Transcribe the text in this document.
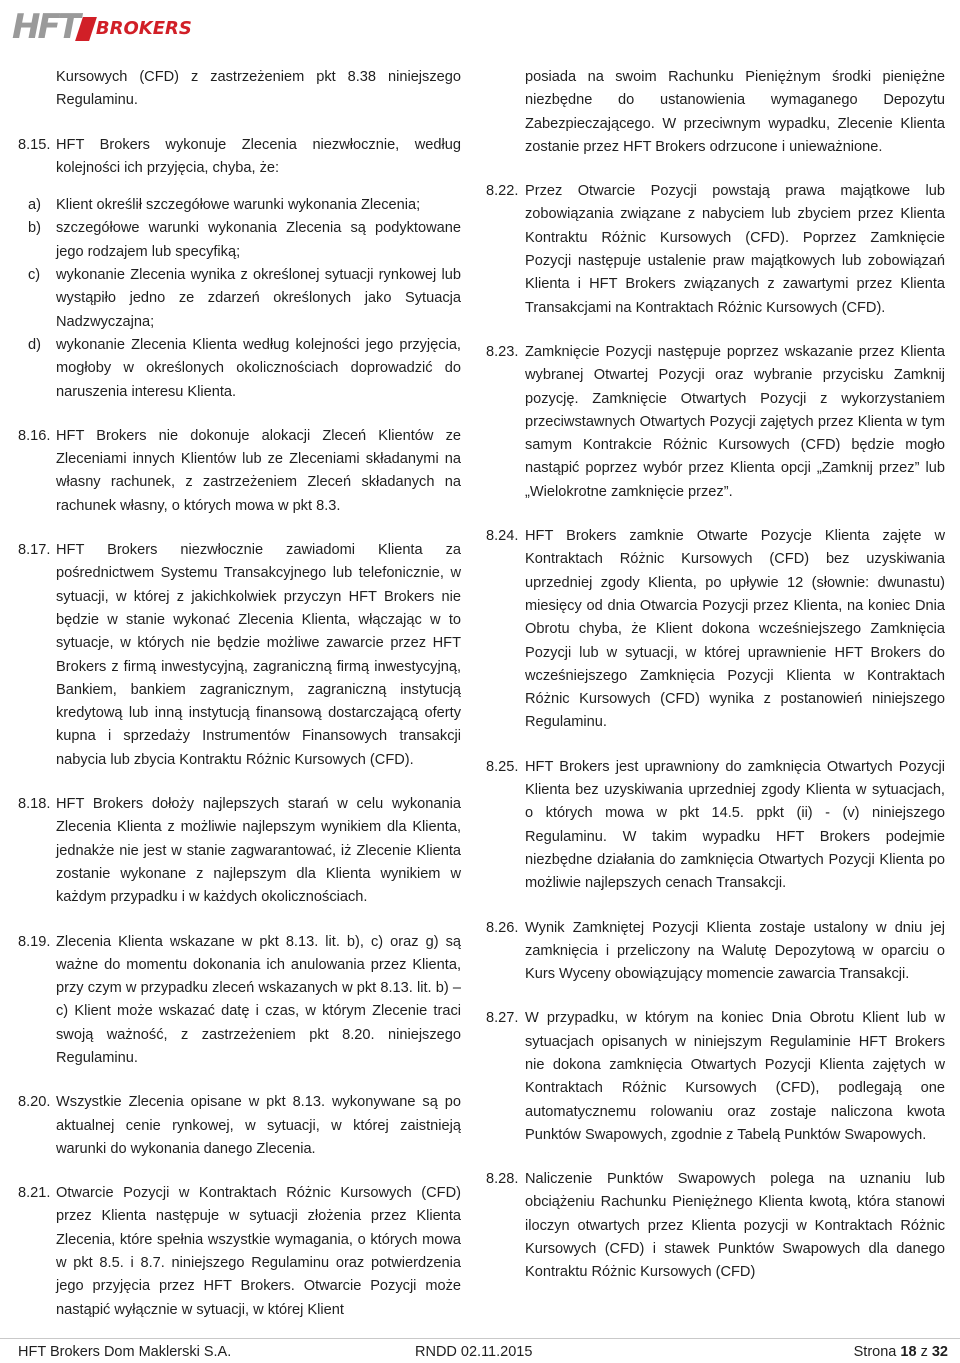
HFT BROKERS
Kursowych (CFD) z zastrzeżeniem pkt 8.38 niniejszego Regulaminu.
8.15. HFT Brokers wykonuje Zlecenia niezwłocznie, według kolejności ich przyjęcia, chyba, że:
a)	Klient określił szczegółowe warunki wykonania Zlecenia;
b)	szczegółowe warunki wykonania Zlecenia są podyktowane jego rodzajem lub specyfiką;
c)	wykonanie Zlecenia wynika z określonej sytuacji rynkowej lub wystąpiło jedno ze zdarzeń określonych jako Sytuacja Nadzwyczajna;
d)	wykonanie Zlecenia Klienta według kolejności jego przyjęcia, mogłoby w określonych okolicznościach doprowadzić do naruszenia interesu Klienta.
8.16. HFT Brokers nie dokonuje alokacji Zleceń Klientów ze Zleceniami innych Klientów lub ze Zleceniami składanymi na własny rachunek, z zastrzeżeniem Zleceń składanych na rachunek własny, o których mowa w pkt 8.3.
8.17. HFT Brokers niezwłocznie zawiadomi Klienta za pośrednictwem Systemu Transakcyjnego lub telefonicznie, w sytuacji, w której z jakichkolwiek przyczyn HFT Brokers nie będzie w stanie wykonać Zlecenia Klienta, włączając w to sytuacje, w których nie będzie możliwe zawarcie przez HFT Brokers z firmą inwestycyjną, zagraniczną firmą inwestycyjną, Bankiem, bankiem zagranicznym, zagraniczną instytucją kredytową lub inną instytucją finansową dostarczającą oferty kupna i sprzedaży Instrumentów Finansowych transakcji nabycia lub zbycia Kontraktu Różnic Kursowych (CFD).
8.18. HFT Brokers dołoży najlepszych starań w celu wykonania Zlecenia Klienta z możliwie najlepszym wynikiem dla Klienta, jednakże nie jest w stanie zagwarantować, iż Zlecenie Klienta zostanie wykonane z najlepszym dla Klienta wynikiem w każdym przypadku i w każdych okolicznościach.
8.19. Zlecenia Klienta wskazane w pkt 8.13. lit. b), c) oraz g) są ważne do momentu dokonania ich anulowania przez Klienta, przy czym w przypadku zleceń wskazanych w pkt 8.13. lit. b) – c) Klient może wskazać datę i czas, w którym Zlecenie traci swoją ważność, z zastrzeżeniem pkt 8.20. niniejszego Regulaminu.
8.20. Wszystkie Zlecenia opisane w pkt 8.13. wykonywane są po aktualnej cenie rynkowej, w sytuacji, w której zaistnieją warunki do wykonania danego Zlecenia.
8.21. Otwarcie Pozycji w Kontraktach Różnic Kursowych (CFD) przez Klienta następuje w sytuacji złożenia przez Klienta Zlecenia, które spełnia wszystkie wymagania, o których mowa w pkt 8.5. i 8.7. niniejszego Regulaminu oraz potwierdzenia jego przyjęcia przez HFT Brokers. Otwarcie Pozycji może nastąpić wyłącznie w sytuacji, w której Klient
posiada na swoim Rachunku Pieniężnym środki pieniężne niezbędne do ustanowienia wymaganego Depozytu Zabezpieczającego. W przeciwnym wypadku, Zlecenie Klienta zostanie przez HFT Brokers odrzucone i unieważnione.
8.22. Przez Otwarcie Pozycji powstają prawa majątkowe lub zobowiązania związane z nabyciem lub zbyciem przez Klienta Kontraktu Różnic Kursowych (CFD). Poprzez Zamknięcie Pozycji następuje ustalenie praw majątkowych lub zobowiązań Klienta i HFT Brokers związanych z zawartymi przez Klienta Transakcjami na Kontraktach Różnic Kursowych (CFD).
8.23. Zamknięcie Pozycji następuje poprzez wskazanie przez Klienta wybranej Otwartej Pozycji oraz wybranie przycisku Zamknij pozycję. Zamknięcie Otwartych Pozycji z wykorzystaniem przeciwstawnych Otwartych Pozycji zajętych przez Klienta w tym samym Kontrakcie Różnic Kursowych (CFD) będzie mogło nastąpić poprzez wybór przez Klienta opcji „Zamknij przez” lub „Wielokrotne zamknięcie przez”.
8.24. HFT Brokers zamknie Otwarte Pozycje Klienta zajęte w Kontraktach Różnic Kursowych (CFD) bez uzyskiwania uprzedniej zgody Klienta, po upływie 12 (słownie: dwunastu) miesięcy od dnia Otwarcia Pozycji przez Klienta, na koniec Dnia Obrotu chyba, że Klient dokona wcześniejszego Zamknięcia Pozycji lub w sytuacji, w której uprawnienie HFT Brokers do wcześniejszego Zamknięcia Pozycji Klienta w Kontraktach Różnic Kursowych (CFD) wynika z postanowień niniejszego Regulaminu.
8.25. HFT Brokers jest uprawniony do zamknięcia Otwartych Pozycji Klienta bez uzyskiwania uprzedniej zgody Klienta w sytuacjach, o których mowa w pkt 14.5. ppkt (ii) - (v) niniejszego Regulaminu. W takim wypadku HFT Brokers podejmie niezbędne działania do zamknięcia Otwartych Pozycji Klienta po możliwie najlepszych cenach Transakcji.
8.26. Wynik Zamkniętej Pozycji Klienta zostaje ustalony w dniu jej zamknięcia i przeliczony na Walutę Depozytową w oparciu o Kurs Wyceny obowiązujący momencie zawarcia Transakcji.
8.27. W przypadku, w którym na koniec Dnia Obrotu Klient lub w sytuacjach opisanych w niniejszym Regulaminie HFT Brokers nie dokona zamknięcia Otwartych Pozycji Klienta zajętych w Kontraktach Różnic Kursowych (CFD), podlegają one automatycznemu rolowaniu oraz zostaje naliczona kwota Punktów Swapowych, zgodnie z Tabelą Punktów Swapowych.
8.28. Naliczenie Punktów Swapowych polega na uznaniu lub obciążeniu Rachunku Pieniężnego Klienta kwotą, która stanowi iloczyn otwartych przez Klienta pozycji w Kontraktach Różnic Kursowych (CFD) i stawek Punktów Swapowych dla danego Kontraktu Różnic Kursowych (CFD)
HFT Brokers Dom Maklerski S.A.	RNDD 02.11.2015	Strona 18 z 32
